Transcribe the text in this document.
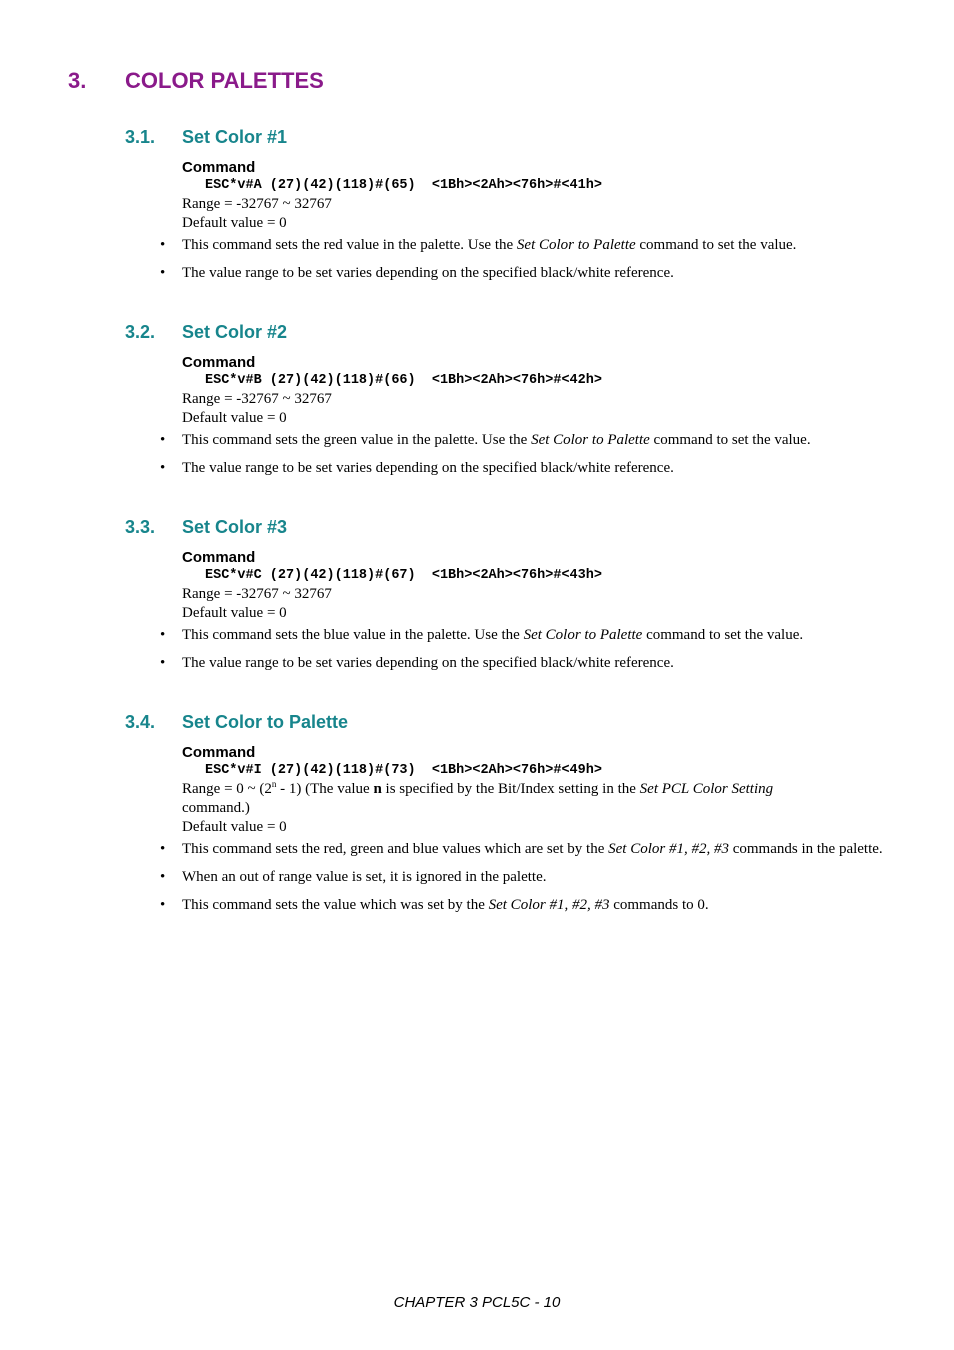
3. COLOR PALETTES
3.1. Set Color #1
Command
ESC*v#A (27)(42)(118)#(65)  <1Bh><2Ah><76h>#<41h>
Range = -32767 ~ 32767
Default value = 0
• This command sets the red value in the palette. Use the Set Color to Palette command to set the value.
• The value range to be set varies depending on the specified black/white reference.
3.2. Set Color #2
Command
ESC*v#B (27)(42)(118)#(66)  <1Bh><2Ah><76h>#<42h>
Range = -32767 ~ 32767
Default value = 0
• This command sets the green value in the palette. Use the Set Color to Palette command to set the value.
• The value range to be set varies depending on the specified black/white reference.
3.3. Set Color #3
Command
ESC*v#C (27)(42)(118)#(67)  <1Bh><2Ah><76h>#<43h>
Range = -32767 ~ 32767
Default value = 0
• This command sets the blue value in the palette. Use the Set Color to Palette command to set the value.
• The value range to be set varies depending on the specified black/white reference.
3.4. Set Color to Palette
Command
ESC*v#I (27)(42)(118)#(73)  <1Bh><2Ah><76h>#<49h>
Range = 0 ~ (2$^n$ - 1) (The value n is specified by the Bit/Index setting in the Set PCL Color Setting
command.)
Default value = 0
• This command sets the red, green and blue values which are set by the Set Color #1, #2, #3 commands in the palette.
• When an out of range value is set, it is ignored in the palette.
• This command sets the value which was set by the Set Color #1, #2, #3 commands to 0.
CHAPTER 3 PCL5C - 10
